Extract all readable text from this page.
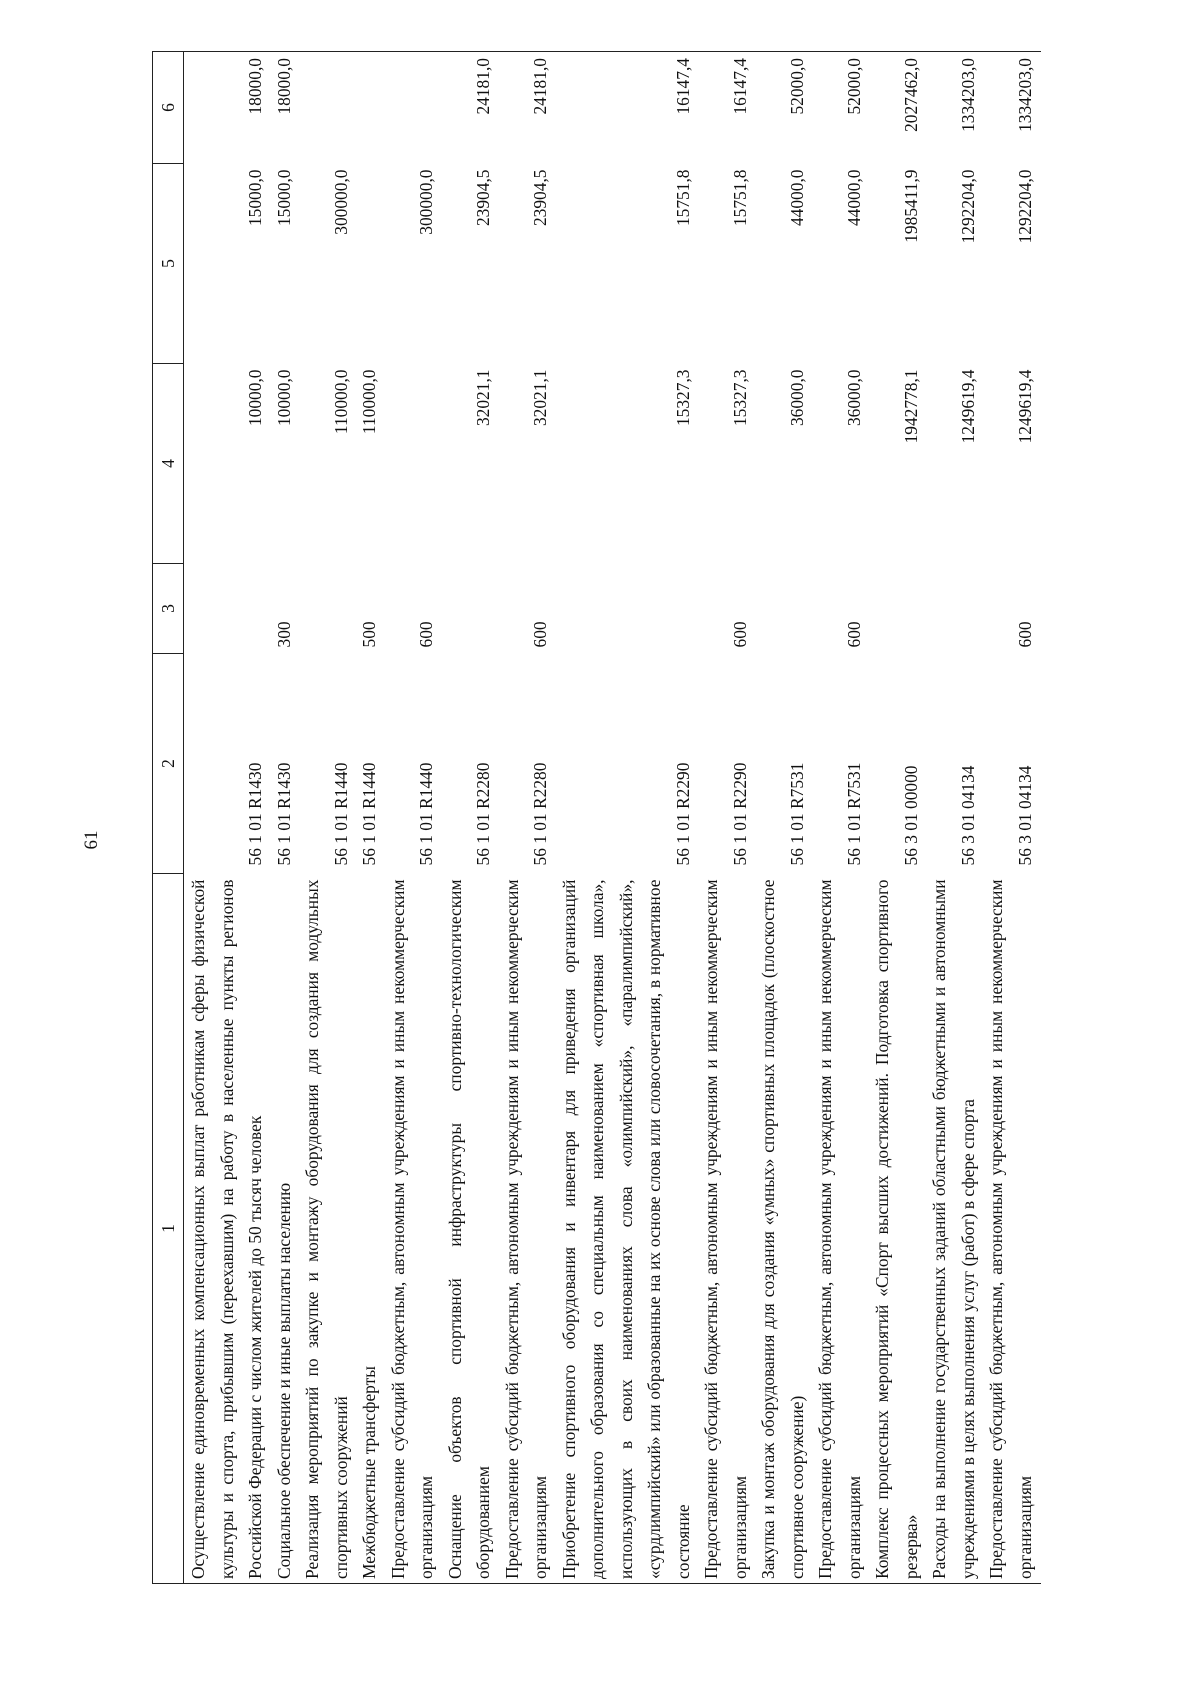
61
1	2	3	4	5	6
Осуществление единовременных компенсационных выплат работникам сферы физической культуры и спорта, прибывшим (переехавшим) на работу в населенные пункты регионов Российской Федерации с числом жителей до 50 тысяч человек	56 1 01 R1430		10000,0	15000,0	18000,0
Социальное обеспечение и иные выплаты населению	56 1 01 R1430	300	10000,0	15000,0	18000,0
Реализация мероприятий по закупке и монтажу оборудования для создания модульных спортивных сооружений	56 1 01 R1440		110000,0	300000,0	
Межбюджетные трансферты	56 1 01 R1440	500	110000,0		
Предоставление субсидий бюджетным, автономным учреждениям и иным некоммерческим организациям	56 1 01 R1440	600		300000,0	
Оснащение объектов спортивной инфраструктуры спортивно-технологическим оборудованием	56 1 01 R2280		32021,1	23904,5	24181,0
Предоставление субсидий бюджетным, автономным учреждениям и иным некоммерческим организациям	56 1 01 R2280	600	32021,1	23904,5	24181,0
Приобретение спортивного оборудования и инвентаря для приведения организаций дополнительного образования со специальным наименованием «спортивная школа», использующих в своих наименованиях слова «олимпийский», «паралимпийский», «сурдлимпийский» или образованные на их основе слова или словосочетания, в нормативное состояние	56 1 01 R2290		15327,3	15751,8	16147,4
Предоставление субсидий бюджетным, автономным учреждениям и иным некоммерческим организациям	56 1 01 R2290	600	15327,3	15751,8	16147,4
Закупка и монтаж оборудования для создания «умных» спортивных площадок (плоскостное спортивное сооружение)	56 1 01 R7531		36000,0	44000,0	52000,0
Предоставление субсидий бюджетным, автономным учреждениям и иным некоммерческим организациям	56 1 01 R7531	600	36000,0	44000,0	52000,0
Комплекс процессных мероприятий «Спорт высших достижений. Подготовка спортивного резерва»	56 3 01 00000		1942778,1	1985411,9	2027462,0
Расходы на выполнение государственных заданий областными бюджетными и автономными учреждениями в целях выполнения услуг (работ) в сфере спорта	56 3 01 04134		1249619,4	1292204,0	1334203,0
Предоставление субсидий бюджетным, автономным учреждениям и иным некоммерческим организациям	56 3 01 04134	600	1249619,4	1292204,0	1334203,0
